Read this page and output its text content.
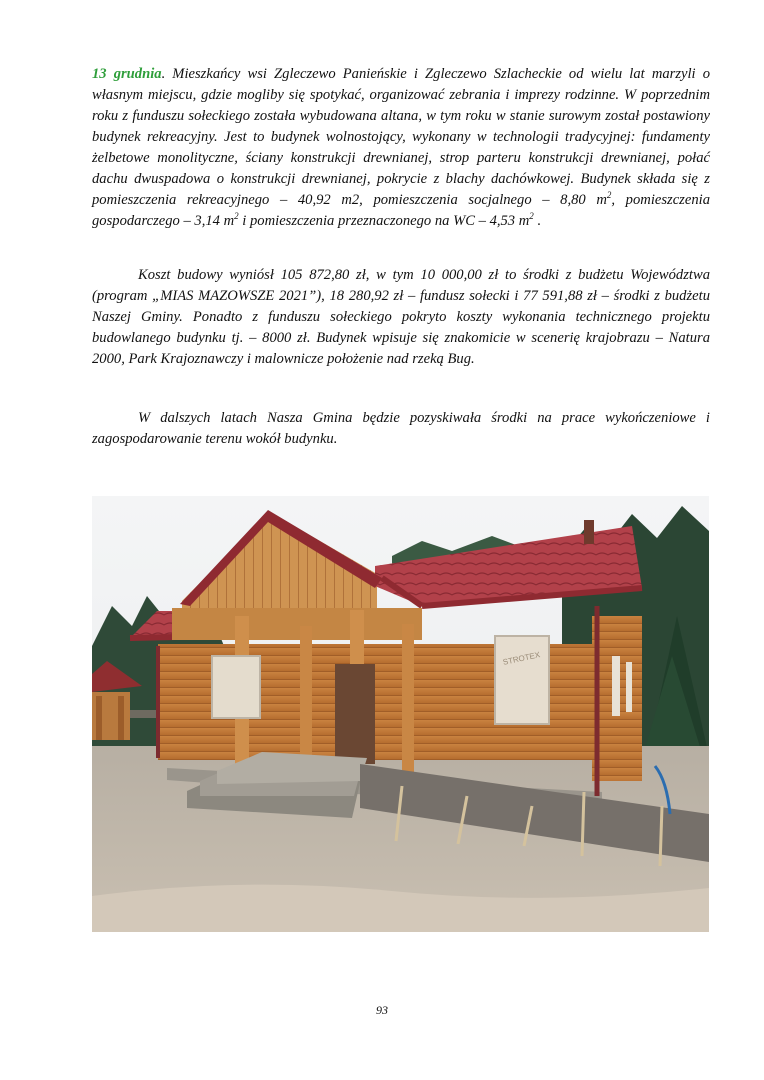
13 grudnia. Mieszkańcy wsi Zgleczewo Panieńskie i Zgleczewo Szlacheckie od wielu lat marzyli o własnym miejscu, gdzie mogliby się spotykać, organizować zebrania i imprezy rodzinne. W poprzednim roku z funduszu sołeckiego została wybudowana altana, w tym roku w stanie surowym został postawiony budynek rekreacyjny. Jest to budynek wolnostojący, wykonany w technologii tradycyjnej: fundamenty żelbetowe monolityczne, ściany konstrukcji drewnianej, strop parteru konstrukcji drewnianej, połać dachu dwuspadowa o konstrukcji drewnianej, pokrycie z blachy dachówkowej. Budynek składa się z pomieszczenia rekreacyjnego – 40,92 m2, pomieszczenia socjalnego – 8,80 $m^2$, pomieszczenia gospodarczego – 3,14 $m^2$ i pomieszczenia przeznaczonego na WC – 4,53 $m^2$ .
Koszt budowy wyniósł 105 872,80 zł, w tym 10 000,00 zł to środki z budżetu Województwa (program „MIAS MAZOWSZE 2021”), 18 280,92 zł – fundusz sołecki i 77 591,88 zł – środki z budżetu Naszej Gminy. Ponadto z funduszu sołeckiego pokryto koszty wykonania technicznego projektu budowlanego budynku tj. – 8000 zł. Budynek wpisuje się znakomicie w scenerię krajobrazu – Natura 2000, Park Krajoznawczy i malownicze położenie nad rzeką Bug.
W dalszych latach Nasza Gmina będzie pozyskiwała środki na prace wykończeniowe i zagospodarowanie terenu wokół budynku.
STROTEX
93
